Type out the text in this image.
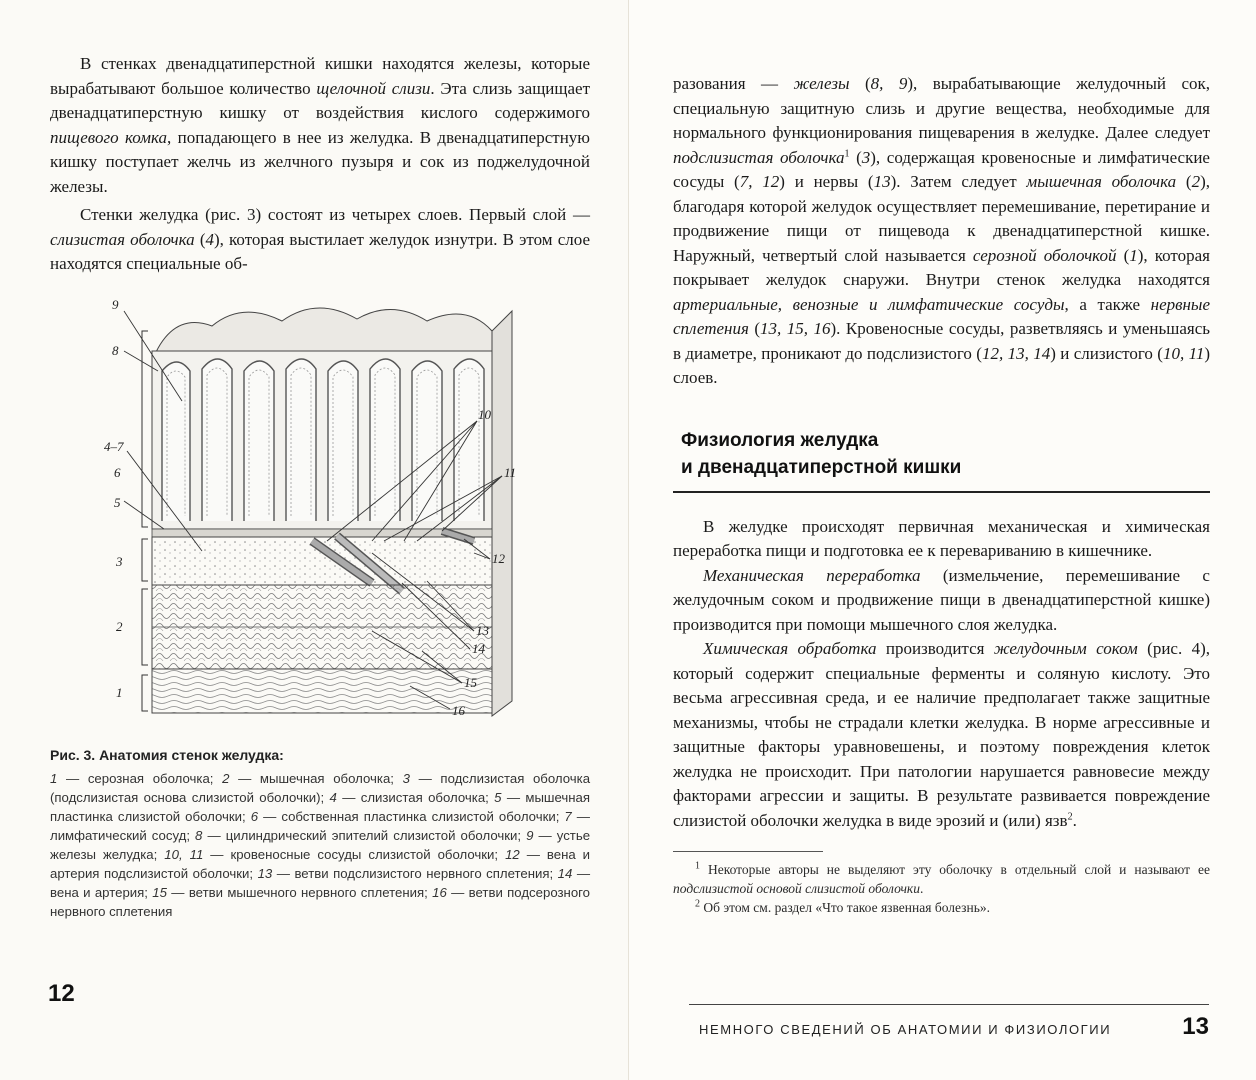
В стенках двенадцатиперстной кишки находятся железы, которые вырабатывают большое количество щелочной слизи. Эта слизь защищает двенадцатиперстную кишку от воздействия кислого содержимого пищевого комка, попадающего в нее из желудка. В двенадцатиперстную кишку поступает желчь из желчного пузыря и сок из поджелудочной железы.

Стенки желудка (рис. 3) состоят из четырех слоев. Первый слой — слизистая оболочка (4), которая выстилает желудок изнутри. В этом слое находятся специальные об-

9
8
4–7
6
5
3
2
1
10
11
12
13
14
15
16
Рис. 3. Анатомия стенок желудка:

1 — серозная оболочка; 2 — мышечная оболочка; 3 — подслизистая оболочка (подслизистая основа слизистой оболочки); 4 — слизистая оболочка; 5 — мышечная пластинка слизистой оболочки; 6 — собственная пластинка слизистой оболочки; 7 — лимфатический сосуд; 8 — цилиндрический эпителий слизистой оболочки; 9 — устье железы желудка; 10, 11 — кровеносные сосуды слизистой оболочки; 12 — вена и артерия подслизистой оболочки; 13 — ветви подслизистого нервного сплетения; 14 — вена и артерия; 15 — ветви мышечного нервного сплетения; 16 — ветви подсерозного нервного сплетения

12

разования — железы (8, 9), вырабатывающие желудочный сок, специальную защитную слизь и другие вещества, необходимые для нормального функционирования пищеварения в желудке. Далее следует подслизистая оболочка$^1$ (3), содержащая кровеносные и лимфатические сосуды (7, 12) и нервы (13). Затем следует мышечная оболочка (2), благодаря которой желудок осуществляет перемешивание, перетирание и продвижение пищи от пищевода к двенадцатиперстной кишке. Наружный, четвертый слой называется серозной оболочкой (1), которая покрывает желудок снаружи. Внутри стенок желудка находятся артериальные, венозные и лимфатические сосуды, а также нервные сплетения (13, 15, 16). Кровеносные сосуды, разветвляясь и уменьшаясь в диаметре, проникают до подслизистого (12, 13, 14) и слизистого (10, 11) слоев.

Физиология желудка
и двенадцатиперстной кишки

В желудке происходят первичная механическая и химическая переработка пищи и подготовка ее к перевариванию в кишечнике.

Механическая переработка (измельчение, перемешивание с желудочным соком и продвижение пищи в двенадцатиперстной кишке) производится при помощи мышечного слоя желудка.

Химическая обработка производится желудочным соком (рис. 4), который содержит специальные ферменты и соляную кислоту. Это весьма агрессивная среда, и ее наличие предполагает также защитные механизмы, чтобы не страдали клетки желудка. В норме агрессивные и защитные факторы уравновешены, и поэтому повреждения клеток желудка не происходит. При патологии нарушается равновесие между факторами агрессии и защиты. В результате развивается повреждение слизистой оболочки желудка в виде эрозий и (или) язв$^2$.

$^1$ Некоторые авторы не выделяют эту оболочку в отдельный слой и называют ее подслизистой основой слизистой оболочки.

$^2$ Об этом см. раздел «Что такое язвенная болезнь».

НЕМНОГО СВЕДЕНИЙ ОБ АНАТОМИИ И ФИЗИОЛОГИИ	13
